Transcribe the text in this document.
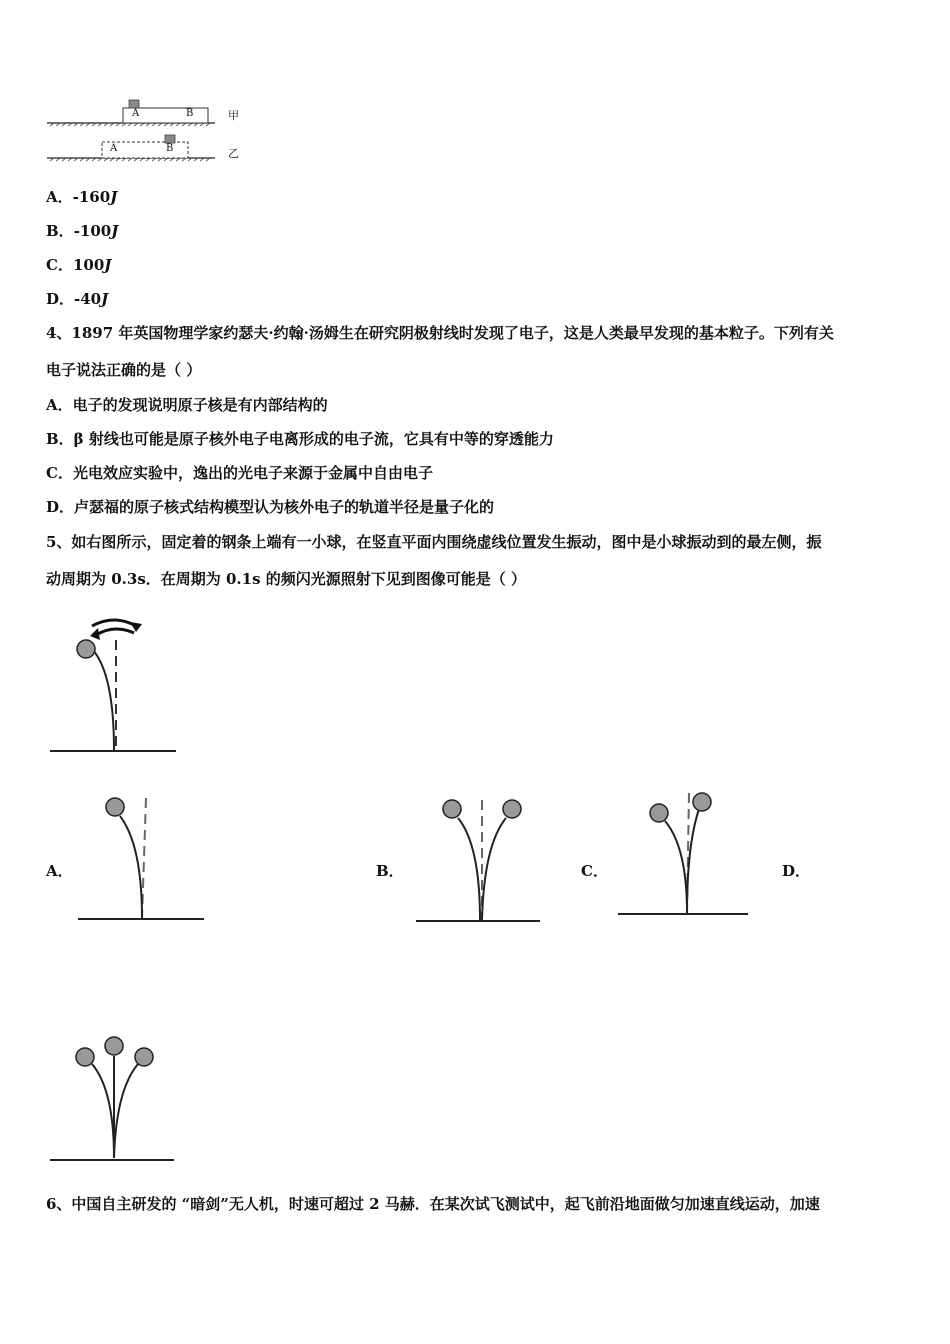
A	B
A	B
甲
乙
A．-160J
B．-100J
C．100J
D．-40J
4、1897 年英国物理学家约瑟夫·约翰·汤姆生在研究阴极射线时发现了电子，这是人类最早发现的基本粒子。下列有关
电子说法正确的是（ ）
A．电子的发现说明原子核是有内部结构的
B．β 射线也可能是原子核外电子电离形成的电子流，它具有中等的穿透能力
C．光电效应实验中，逸出的光电子来源于金属中自由电子
D．卢瑟福的原子核式结构模型认为核外电子的轨道半径是量子化的
5、如右图所示，固定着的钢条上端有一小球，在竖直平面内围绕虚线位置发生振动，图中是小球振动到的最左侧，振
动周期为 0.3s．在周期为 0.1s 的频闪光源照射下见到图像可能是（ ）
A．	B．	C．	D．
6、中国自主研发的 “暗剑”无人机，时速可超过 2 马赫．在某次试飞测试中，起飞前沿地面做匀加速直线运动，加速
